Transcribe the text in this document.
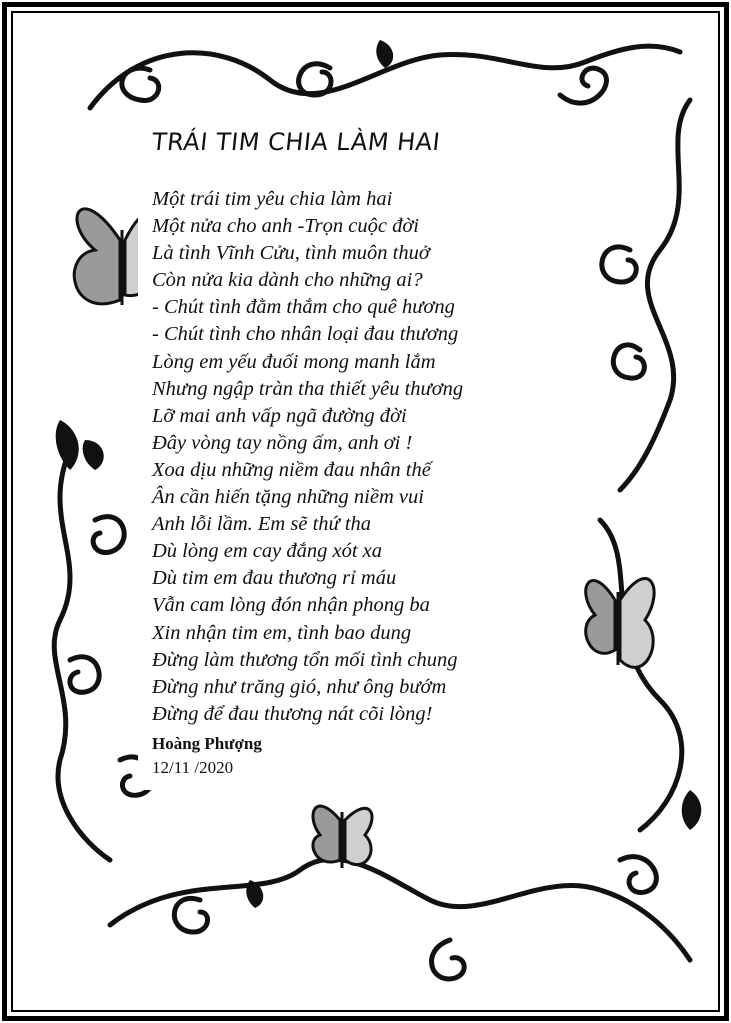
TRÁI TIM CHIA LÀM HAI
Một trái tim yêu chia làm hai
Một nửa cho anh -Trọn cuộc đời
Là tình Vĩnh Cửu, tình muôn thuở
Còn nửa kia dành cho những ai?
- Chút tình đằm thắm cho quê hương
- Chút tình cho nhân loại đau thương
Lòng em yếu đuối mong manh lắm
Nhưng ngập tràn tha thiết yêu thương
Lỡ mai anh vấp ngã đường đời
Đây vòng tay nồng ấm, anh ơi !
Xoa dịu những niềm đau nhân thế
Ân cần hiến tặng những niềm vui
Anh lỗi lầm. Em sẽ thứ tha
Dù lòng em cay đắng xót xa
Dù tim em đau thương rỉ máu
Vẫn cam lòng đón nhận phong ba
Xin nhận tim em, tình bao dung
Đừng làm thương tổn mối tình chung
Đừng như trăng gió, như ông bướm
Đừng để đau thương nát cõi lòng!
Hoàng Phượng
12/11 /2020
